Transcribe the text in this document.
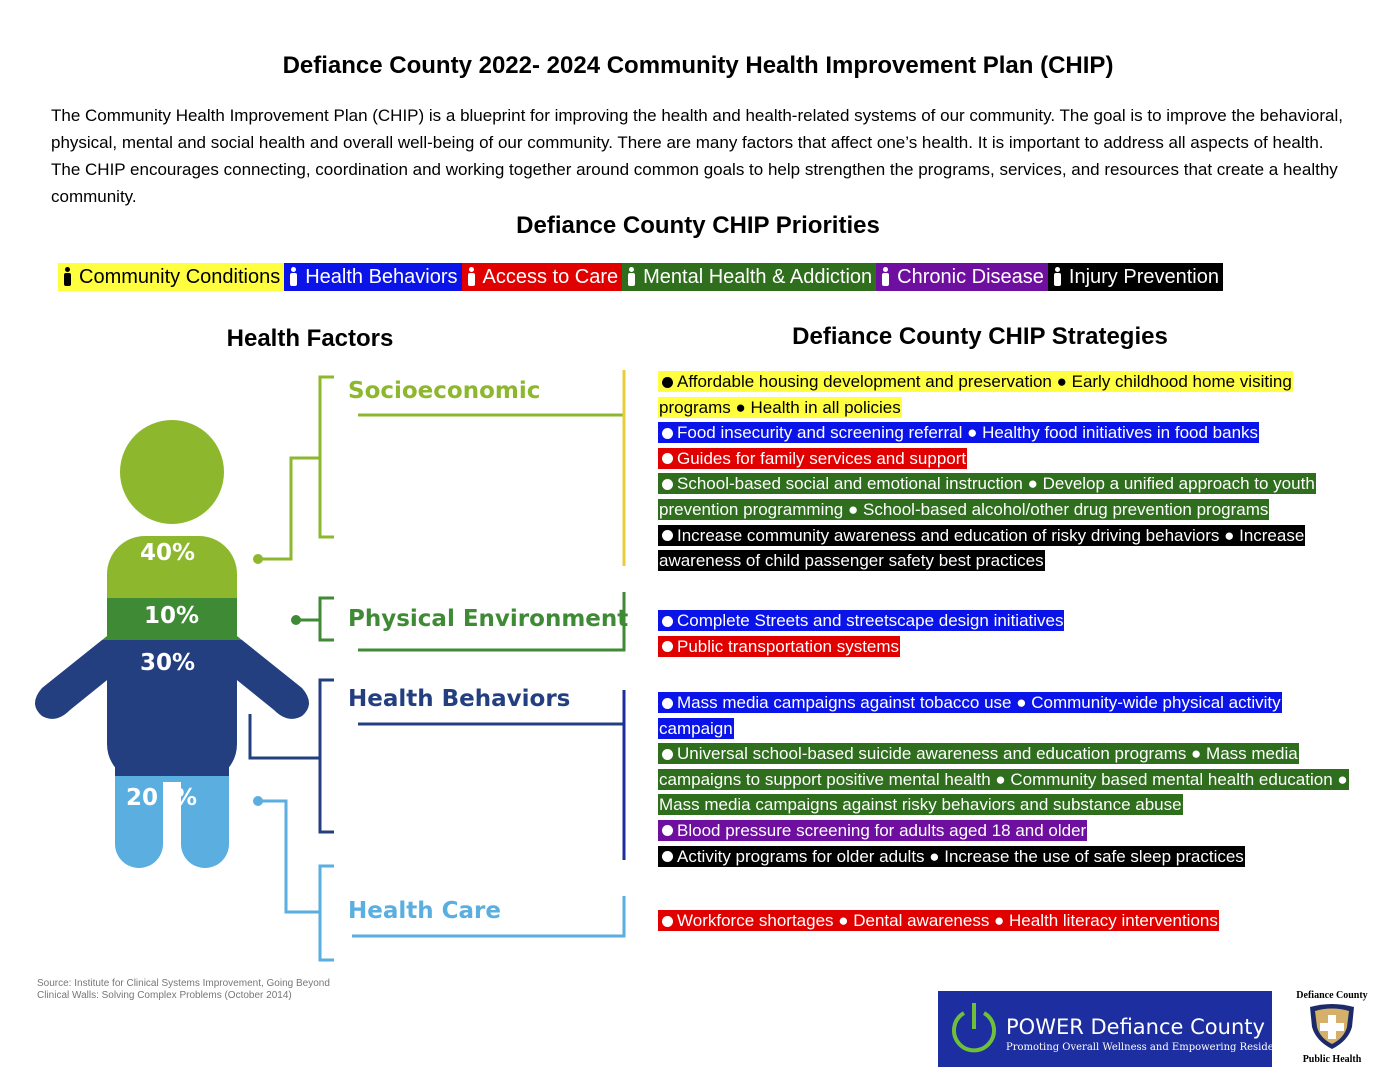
Defiance County 2022- 2024 Community Health Improvement Plan (CHIP)
The Community Health Improvement Plan (CHIP) is a blueprint for improving the health and health-related systems of our community. The goal is to improve the behavioral, physical, mental and social health and overall well-being of our community. There are many factors that affect one’s health. It is important to address all aspects of health. The CHIP encourages connecting, coordination and working together around common goals to help strengthen the programs, services, and resources that create a healthy community.
Defiance County CHIP Priorities
Community Conditions Health Behaviors Access to Care Mental Health & Addiction Chronic Disease Injury Prevention
Health Factors	Defiance County CHIP Strategies
40%
10%
30%
20  %
Socioeconomic
Physical Environment
Health Behaviors
Health Care
Source: Institute for Clinical Systems Improvement, Going Beyond
Clinical Walls: Solving Complex Problems (October 2014)
Affordable housing development and preservation ● Early childhood home visiting programs ● Health in all policies
Food insecurity and screening referral ● Healthy food initiatives in food banks
Guides for family services and support
School-based social and emotional instruction ● Develop a unified approach to youth prevention programming ● School-based alcohol/other drug prevention programs
Increase community awareness and education of risky driving behaviors ● Increase awareness of child passenger safety best practices
Complete Streets and streetscape design initiatives
Public transportation systems
Mass media campaigns against tobacco use ● Community-wide physical activity campaign
Universal school-based suicide awareness and education programs ● Mass media campaigns to support positive mental health ● Community based mental health education ● Mass media campaigns against risky behaviors and substance abuse
Blood pressure screening for adults aged 18 and older
Activity programs for older adults ● Increase the use of safe sleep practices
Workforce shortages ● Dental awareness ● Health literacy interventions
POWER Defiance County
Promoting Overall Wellness and Empowering Residents
Defiance County
Public Health
